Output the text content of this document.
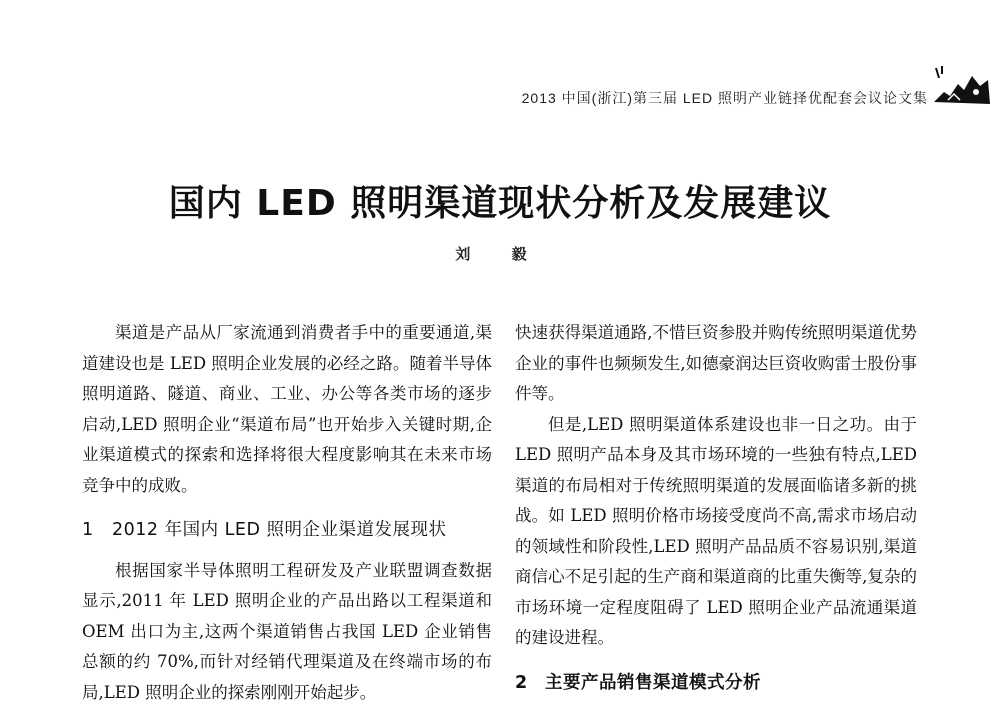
2013 中国(浙江)第三届 LED 照明产业链择优配套会议论文集
国内 LED 照明渠道现状分析及发展建议
刘 毅

渠道是产品从厂家流通到消费者手中的重要通道,渠道建设也是 LED 照明企业发展的必经之路。随着半导体照明道路、隧道、商业、工业、办公等各类市场的逐步启动,LED 照明企业“渠道布局”也开始步入关键时期,企业渠道模式的探索和选择将很大程度影响其在未来市场竞争中的成败。

1 2012 年国内 LED 照明企业渠道发展现状

根据国家半导体照明工程研发及产业联盟调查数据显示,2011 年 LED 照明企业的产品出路以工程渠道和 OEM 出口为主,这两个渠道销售占我国 LED 企业销售总额的约 70%,而针对经销代理渠道及在终端市场的布局,LED 照明企业的探索刚刚开始起步。

快速获得渠道通路,不惜巨资参股并购传统照明渠道优势企业的事件也频频发生,如德豪润达巨资收购雷士股份事件等。

但是,LED 照明渠道体系建设也非一日之功。由于 LED 照明产品本身及其市场环境的一些独有特点,LED 渠道的布局相对于传统照明渠道的发展面临诸多新的挑战。如 LED 照明价格市场接受度尚不高,需求市场启动的领域性和阶段性,LED 照明产品品质不容易识别,渠道商信心不足引起的生产商和渠道商的比重失衡等,复杂的市场环境一定程度阻碍了 LED 照明企业产品流通渠道的建设进程。

2 主要产品销售渠道模式分析
